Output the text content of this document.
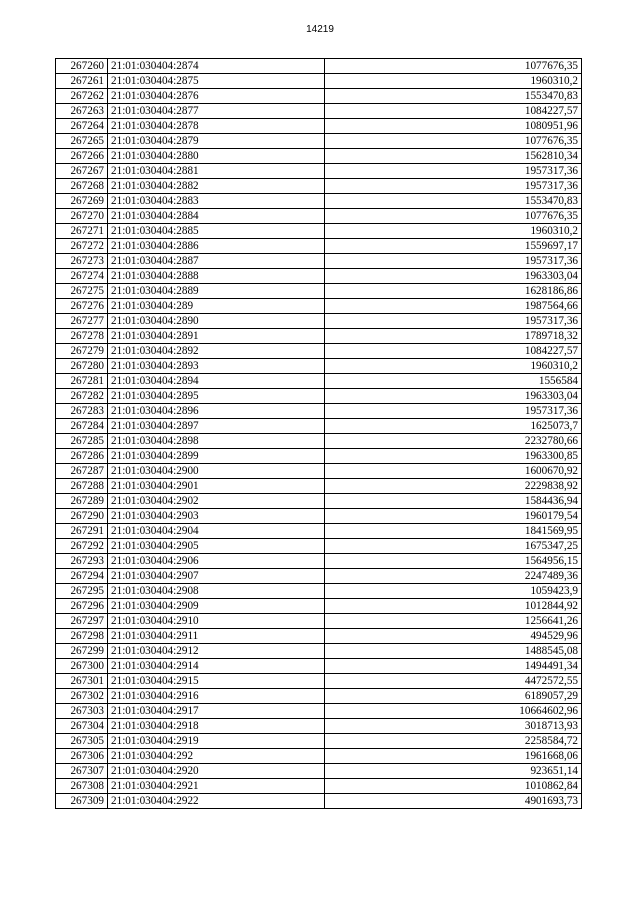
14219
267260	21:01:030404:2874	1077676,35
267261	21:01:030404:2875	1960310,2
267262	21:01:030404:2876	1553470,83
267263	21:01:030404:2877	1084227,57
267264	21:01:030404:2878	1080951,96
267265	21:01:030404:2879	1077676,35
267266	21:01:030404:2880	1562810,34
267267	21:01:030404:2881	1957317,36
267268	21:01:030404:2882	1957317,36
267269	21:01:030404:2883	1553470,83
267270	21:01:030404:2884	1077676,35
267271	21:01:030404:2885	1960310,2
267272	21:01:030404:2886	1559697,17
267273	21:01:030404:2887	1957317,36
267274	21:01:030404:2888	1963303,04
267275	21:01:030404:2889	1628186,86
267276	21:01:030404:289	1987564,66
267277	21:01:030404:2890	1957317,36
267278	21:01:030404:2891	1789718,32
267279	21:01:030404:2892	1084227,57
267280	21:01:030404:2893	1960310,2
267281	21:01:030404:2894	1556584
267282	21:01:030404:2895	1963303,04
267283	21:01:030404:2896	1957317,36
267284	21:01:030404:2897	1625073,7
267285	21:01:030404:2898	2232780,66
267286	21:01:030404:2899	1963300,85
267287	21:01:030404:2900	1600670,92
267288	21:01:030404:2901	2229838,92
267289	21:01:030404:2902	1584436,94
267290	21:01:030404:2903	1960179,54
267291	21:01:030404:2904	1841569,95
267292	21:01:030404:2905	1675347,25
267293	21:01:030404:2906	1564956,15
267294	21:01:030404:2907	2247489,36
267295	21:01:030404:2908	1059423,9
267296	21:01:030404:2909	1012844,92
267297	21:01:030404:2910	1256641,26
267298	21:01:030404:2911	494529,96
267299	21:01:030404:2912	1488545,08
267300	21:01:030404:2914	1494491,34
267301	21:01:030404:2915	4472572,55
267302	21:01:030404:2916	6189057,29
267303	21:01:030404:2917	10664602,96
267304	21:01:030404:2918	3018713,93
267305	21:01:030404:2919	2258584,72
267306	21:01:030404:292	1961668,06
267307	21:01:030404:2920	923651,14
267308	21:01:030404:2921	1010862,84
267309	21:01:030404:2922	4901693,73
